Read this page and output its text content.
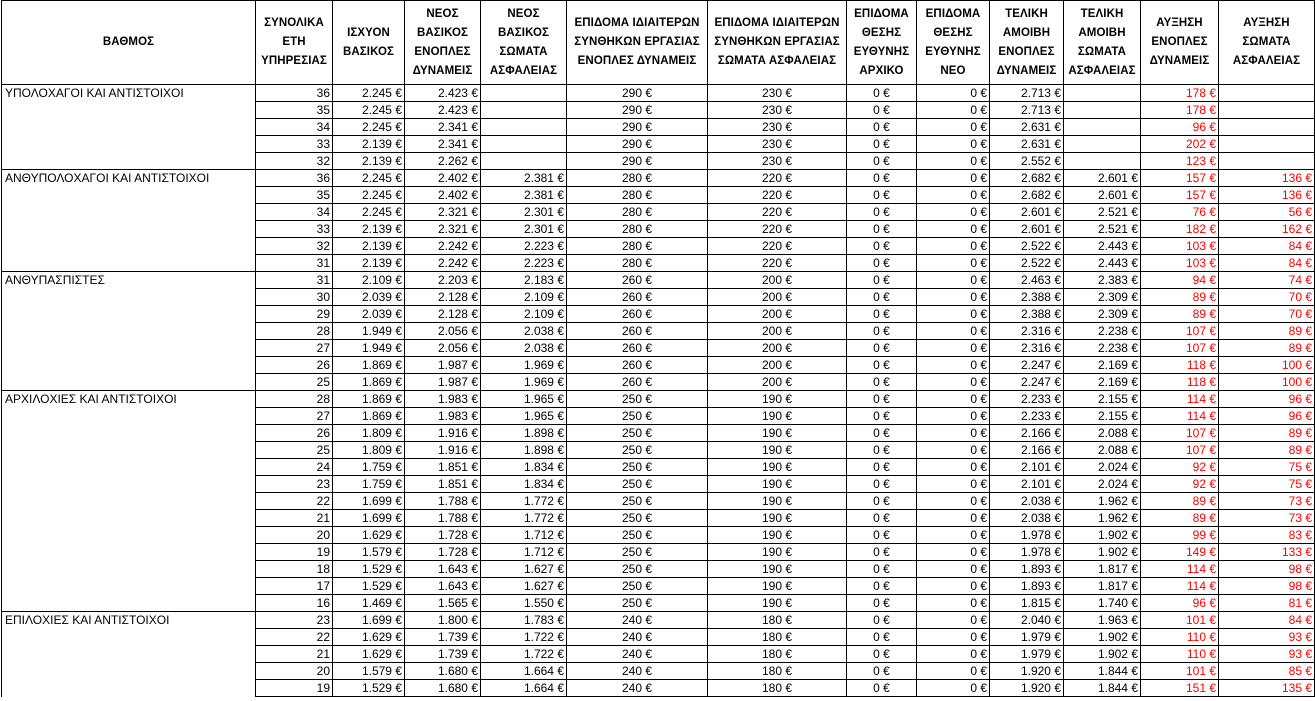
ΒΑΘΜΟΣ	ΣΥΝΟΛΙΚΑ ΕΤΗ ΥΠΗΡΕΣΙΑΣ	ΙΣΧΥΟΝ ΒΑΣΙΚΟΣ	ΝΕΟΣ ΒΑΣΙΚΟΣ ΕΝΟΠΛΕΣ ΔΥΝΑΜΕΙΣ	ΝΕΟΣ ΒΑΣΙΚΟΣ ΣΩΜΑΤΑ ΑΣΦΑΛΕΙΑΣ	ΕΠΙΔΟΜΑ ΙΔΙΑΙΤΕΡΩΝ ΣΥΝΘΗΚΩΝ ΕΡΓΑΣΙΑΣ ΕΝΟΠΛΕΣ ΔΥΝΑΜΕΙΣ	ΕΠΙΔΟΜΑ ΙΔΙΑΙΤΕΡΩΝ ΣΥΝΘΗΚΩΝ ΕΡΓΑΣΙΑΣ ΣΩΜΑΤΑ ΑΣΦΑΛΕΙΑΣ	ΕΠΙΔΟΜΑ ΘΕΣΗΣ ΕΥΘΥΝΗΣ ΑΡΧΙΚΟ	ΕΠΙΔΟΜΑ ΘΕΣΗΣ ΕΥΘΥΝΗΣ ΝΕΟ	ΤΕΛΙΚΗ ΑΜΟΙΒΗ ΕΝΟΠΛΕΣ ΔΥΝΑΜΕΙΣ	ΤΕΛΙΚΗ ΑΜΟΙΒΗ ΣΩΜΑΤΑ ΑΣΦΑΛΕΙΑΣ	ΑΥΞΗΣΗ ΕΝΟΠΛΕΣ ΔΥΝΑΜΕΙΣ	ΑΥΞΗΣΗ ΣΩΜΑΤΑ ΑΣΦΑΛΕΙΑΣ
ΥΠΟΛΟΧΑΓΟΙ ΚΑΙ ΑΝΤΙΣΤΟΙΧΟΙ	36	2.245 €	2.423 €		290 €	230 €	0 €	0 €	2.713 €		178 €	
	35	2.245 €	2.423 €		290 €	230 €	0 €	0 €	2.713 €		178 €	
	34	2.245 €	2.341 €		290 €	230 €	0 €	0 €	2.631 €		96 €	
	33	2.139 €	2.341 €		290 €	230 €	0 €	0 €	2.631 €		202 €	
	32	2.139 €	2.262 €		290 €	230 €	0 €	0 €	2.552 €		123 €	
ΑΝΘΥΠΟΛΟΧΑΓΟΙ ΚΑΙ ΑΝΤΙΣΤΟΙΧΟΙ	36	2.245 €	2.402 €	2.381 €	280 €	220 €	0 €	0 €	2.682 €	2.601 €	157 €	136 €
	35	2.245 €	2.402 €	2.381 €	280 €	220 €	0 €	0 €	2.682 €	2.601 €	157 €	136 €
	34	2.245 €	2.321 €	2.301 €	280 €	220 €	0 €	0 €	2.601 €	2.521 €	76 €	56 €
	33	2.139 €	2.321 €	2.301 €	280 €	220 €	0 €	0 €	2.601 €	2.521 €	182 €	162 €
	32	2.139 €	2.242 €	2.223 €	280 €	220 €	0 €	0 €	2.522 €	2.443 €	103 €	84 €
	31	2.139 €	2.242 €	2.223 €	280 €	220 €	0 €	0 €	2.522 €	2.443 €	103 €	84 €
ΑΝΘΥΠΑΣΠΙΣΤΕΣ	31	2.109 €	2.203 €	2.183 €	260 €	200 €	0 €	0 €	2.463 €	2.383 €	94 €	74 €
	30	2.039 €	2.128 €	2.109 €	260 €	200 €	0 €	0 €	2.388 €	2.309 €	89 €	70 €
	29	2.039 €	2.128 €	2.109 €	260 €	200 €	0 €	0 €	2.388 €	2.309 €	89 €	70 €
	28	1.949 €	2.056 €	2.038 €	260 €	200 €	0 €	0 €	2.316 €	2.238 €	107 €	89 €
	27	1.949 €	2.056 €	2.038 €	260 €	200 €	0 €	0 €	2.316 €	2.238 €	107 €	89 €
	26	1.869 €	1.987 €	1.969 €	260 €	200 €	0 €	0 €	2.247 €	2.169 €	118 €	100 €
	25	1.869 €	1.987 €	1.969 €	260 €	200 €	0 €	0 €	2.247 €	2.169 €	118 €	100 €
ΑΡΧΙΛΟΧΙΕΣ ΚΑΙ ΑΝΤΙΣΤΟΙΧΟΙ	28	1.869 €	1.983 €	1.965 €	250 €	190 €	0 €	0 €	2.233 €	2.155 €	114 €	96 €
	27	1.869 €	1.983 €	1.965 €	250 €	190 €	0 €	0 €	2.233 €	2.155 €	114 €	96 €
	26	1.809 €	1.916 €	1.898 €	250 €	190 €	0 €	0 €	2.166 €	2.088 €	107 €	89 €
	25	1.809 €	1.916 €	1.898 €	250 €	190 €	0 €	0 €	2.166 €	2.088 €	107 €	89 €
	24	1.759 €	1.851 €	1.834 €	250 €	190 €	0 €	0 €	2.101 €	2.024 €	92 €	75 €
	23	1.759 €	1.851 €	1.834 €	250 €	190 €	0 €	0 €	2.101 €	2.024 €	92 €	75 €
	22	1.699 €	1.788 €	1.772 €	250 €	190 €	0 €	0 €	2.038 €	1.962 €	89 €	73 €
	21	1.699 €	1.788 €	1.772 €	250 €	190 €	0 €	0 €	2.038 €	1.962 €	89 €	73 €
	20	1.629 €	1.728 €	1.712 €	250 €	190 €	0 €	0 €	1.978 €	1.902 €	99 €	83 €
	19	1.579 €	1.728 €	1.712 €	250 €	190 €	0 €	0 €	1.978 €	1.902 €	149 €	133 €
	18	1.529 €	1.643 €	1.627 €	250 €	190 €	0 €	0 €	1.893 €	1.817 €	114 €	98 €
	17	1.529 €	1.643 €	1.627 €	250 €	190 €	0 €	0 €	1.893 €	1.817 €	114 €	98 €
	16	1.469 €	1.565 €	1.550 €	250 €	190 €	0 €	0 €	1.815 €	1.740 €	96 €	81 €
ΕΠΙΛΟΧΙΕΣ ΚΑΙ ΑΝΤΙΣΤΟΙΧΟΙ	23	1.699 €	1.800 €	1.783 €	240 €	180 €	0 €	0 €	2.040 €	1.963 €	101 €	84 €
	22	1.629 €	1.739 €	1.722 €	240 €	180 €	0 €	0 €	1.979 €	1.902 €	110 €	93 €
	21	1.629 €	1.739 €	1.722 €	240 €	180 €	0 €	0 €	1.979 €	1.902 €	110 €	93 €
	20	1.579 €	1.680 €	1.664 €	240 €	180 €	0 €	0 €	1.920 €	1.844 €	101 €	85 €
	19	1.529 €	1.680 €	1.664 €	240 €	180 €	0 €	0 €	1.920 €	1.844 €	151 €	135 €
